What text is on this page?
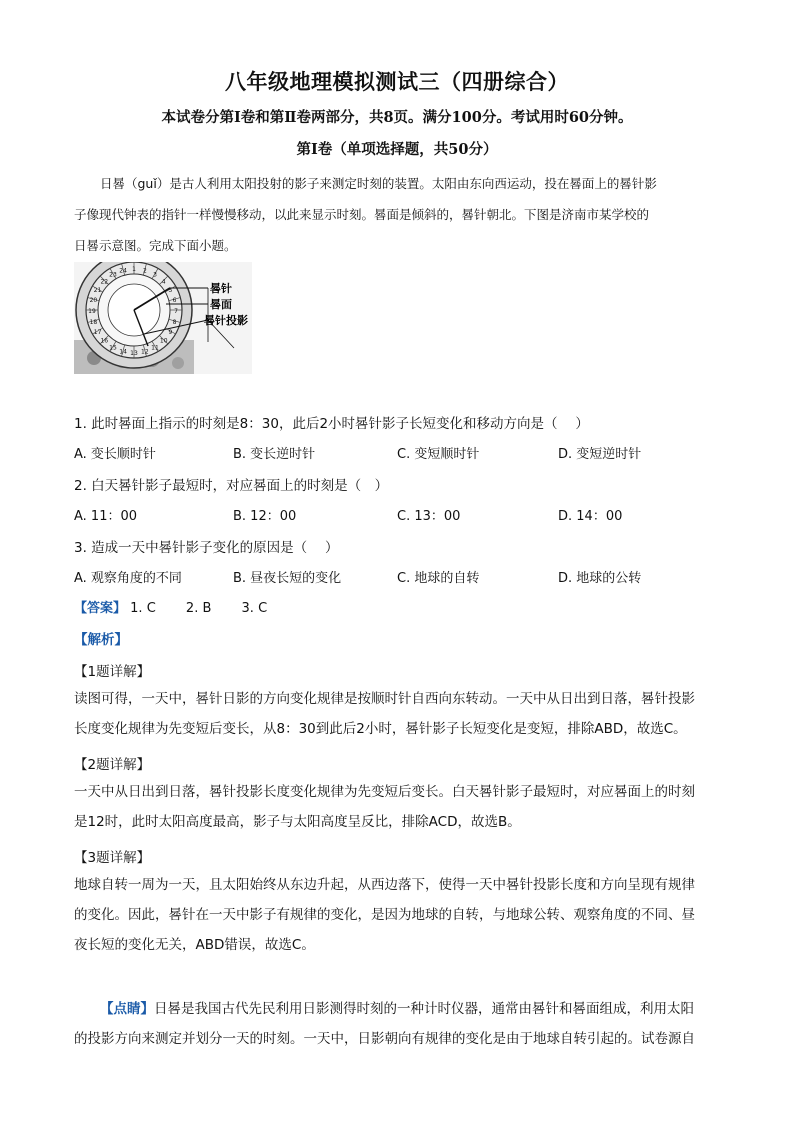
八年级地理模拟测试三（四册综合）
本试卷分第Ⅰ卷和第Ⅱ卷两部分，共8页。满分100分。考试用时60分钟。
第Ⅰ卷（单项选择题，共50分）

日晷（guǐ）是古人利用太阳投射的影子来测定时刻的装置。太阳由东向西运动，投在晷面上的晷针影

子像现代钟表的指针一样慢慢移动，以此来显示时刻。晷面是倾斜的，晷针朝北。下图是济南市某学校的

日晷示意图。完成下面小题。

1 2
3
4
5
6
7
8
9
10
11
12
13
14
15
16
17
18
19
20
21
22
23
24
晷针
晷面
晷针投影
1. 此时晷面上指示的时刻是8：30，此后2小时晷针影子长短变化和移动方向是（　 ）
A. 变长顺时针	B. 变长逆时针	C. 变短顺时针	D. 变短逆时针
2. 白天晷针影子最短时，对应晷面上的时刻是（　）
A. 11：00	B. 12：00	C. 13：00	D. 14：00
3. 造成一天中晷针影子变化的原因是（　 ）
A. 观察角度的不同	B. 昼夜长短的变化	C. 地球的自转	D. 地球的公转
【答案】 1. C 2. B 3. C
【解析】
【1题详解】

读图可得，一天中，晷针日影的方向变化规律是按顺时针自西向东转动。一天中从日出到日落，晷针投影

长度变化规律为先变短后变长，从8：30到此后2小时，晷针影子长短变化是变短，排除ABD，故选C。

【2题详解】

一天中从日出到日落，晷针投影长度变化规律为先变短后变长。白天晷针影子最短时，对应晷面上的时刻

是12时，此时太阳高度最高，影子与太阳高度呈反比，排除ACD，故选B。

【3题详解】

地球自转一周为一天，且太阳始终从东边升起，从西边落下，使得一天中晷针投影长度和方向呈现有规律

的变化。因此，晷针在一天中影子有规律的变化，是因为地球的自转，与地球公转、观察角度的不同、昼

夜长短的变化无关，ABD错误，故选C。

【点睛】日晷是我国古代先民利用日影测得时刻的一种计时仪器，通常由晷针和晷面组成，利用太阳

的投影方向来测定并划分一天的时刻。一天中，日影朝向有规律的变化是由于地球自转引起的。试卷源自
